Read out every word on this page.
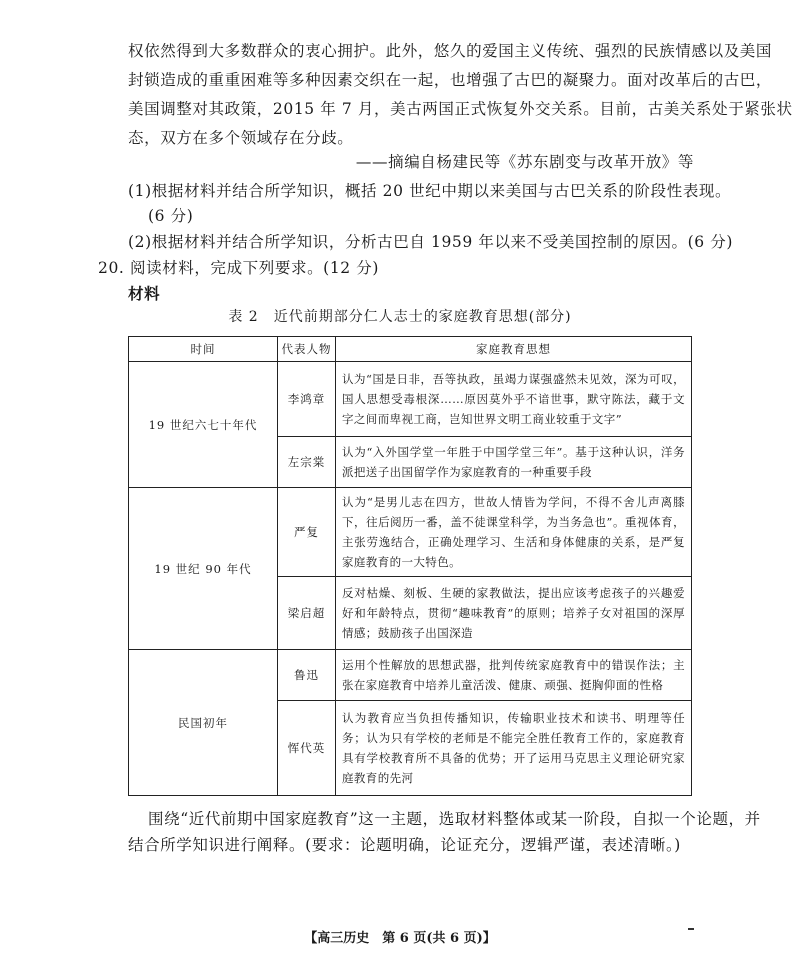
权依然得到大多数群众的衷心拥护。此外，悠久的爱国主义传统、强烈的民族情感以及美国
封锁造成的重重困难等多种因素交织在一起，也增强了古巴的凝聚力。面对改革后的古巴，
美国调整对其政策，2015 年 7 月，美古两国正式恢复外交关系。目前，古美关系处于紧张状
态，双方在多个领域存在分歧。
——摘编自杨建民等《苏东剧变与改革开放》等
(1)根据材料并结合所学知识，概括 20 世纪中期以来美国与古巴关系的阶段性表现。
(6 分)
(2)根据材料并结合所学知识，分析古巴自 1959 年以来不受美国控制的原因。(6 分)
20. 阅读材料，完成下列要求。(12 分)
材料
表 2　近代前期部分仁人志士的家庭教育思想(部分)
时间	代表人物	家庭教育思想
19 世纪六七十年代	李鸿章	认为“国是日非，吾等执政，虽竭力谋强盛然未见效，深为可叹，国人思想受毒根深……原因莫外乎不谙世事，默守陈法，藏于文字之间而卑视工商，岂知世界文明工商业较重于文字”
	左宗棠	认为“入外国学堂一年胜于中国学堂三年”。基于这种认识，洋务派把送子出国留学作为家庭教育的一种重要手段
19 世纪 90 年代	严复	认为“是男儿志在四方，世故人情皆为学问，不得不舍儿声离膝下，往后阅历一番，盖不徒课堂科学，为当务急也”。重视体育，主张劳逸结合，正确处理学习、生活和身体健康的关系，是严复家庭教育的一大特色。
	梁启超	反对枯燥、刻板、生硬的家教做法，提出应该考虑孩子的兴趣爱好和年龄特点，贯彻“趣味教育”的原则；培养子女对祖国的深厚情感；鼓励孩子出国深造
民国初年	鲁迅	运用个性解放的思想武器，批判传统家庭教育中的错误作法；主张在家庭教育中培养儿童活泼、健康、顽强、挺胸仰面的性格
	恽代英	认为教育应当负担传播知识，传输职业技术和读书、明理等任务；认为只有学校的老师是不能完全胜任教育工作的，家庭教育具有学校教育所不具备的优势；开了运用马克思主义理论研究家庭教育的先河
围绕“近代前期中国家庭教育”这一主题，选取材料整体或某一阶段，自拟一个论题，并
结合所学知识进行阐释。(要求：论题明确，论证充分，逻辑严谨，表述清晰。)
【高三历史　第 6 页(共 6 页)】
